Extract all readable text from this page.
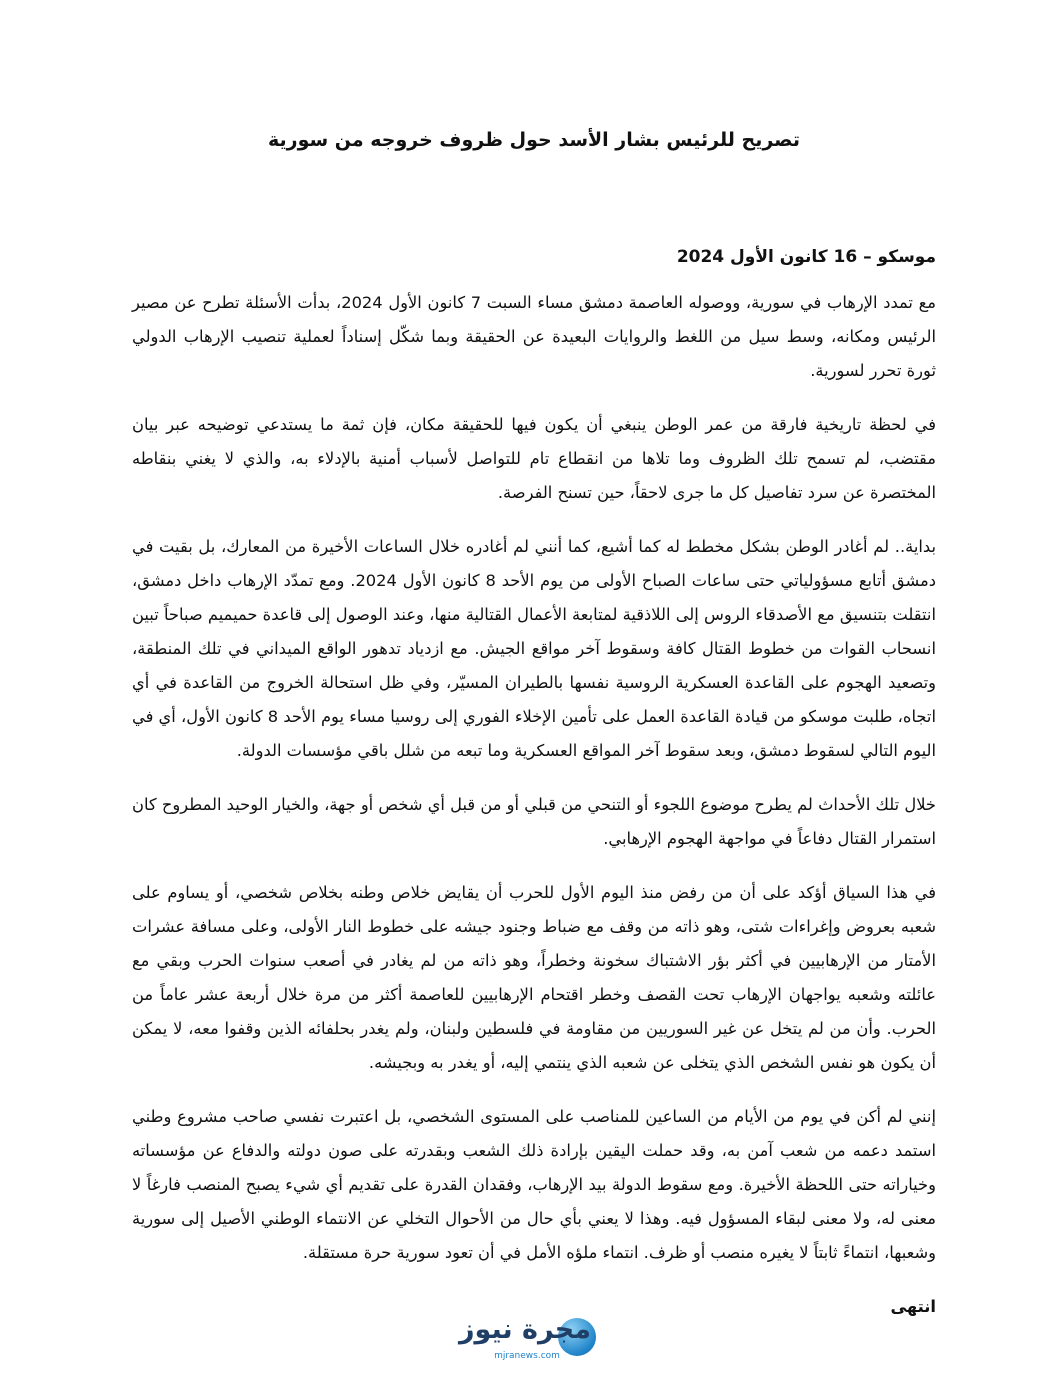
تصريح للرئيس بشار الأسد حول ظروف خروجه من سورية

موسكو – 16 كانون الأول 2024

مع تمدد الإرهاب في سورية، ووصوله العاصمة دمشق مساء السبت 7 كانون الأول 2024، بدأت الأسئلة تطرح عن مصير الرئيس ومكانه، وسط سيل من اللغط والروايات البعيدة عن الحقيقة وبما شكّل إسناداً لعملية تنصيب الإرهاب الدولي ثورة تحرر لسورية.

في لحظة تاريخية فارقة من عمر الوطن ينبغي أن يكون فيها للحقيقة مكان، فإن ثمة ما يستدعي توضيحه عبر بيان مقتضب، لم تسمح تلك الظروف وما تلاها من انقطاع تام للتواصل لأسباب أمنية بالإدلاء به، والذي لا يغني بنقاطه المختصرة عن سرد تفاصيل كل ما جرى لاحقاً، حين تسنح الفرصة.

بداية.. لم أغادر الوطن بشكل مخطط له كما أشيع، كما أنني لم أغادره خلال الساعات الأخيرة من المعارك، بل بقيت في دمشق أتابع مسؤولياتي حتى ساعات الصباح الأولى من يوم الأحد 8 كانون الأول 2024. ومع تمدّد الإرهاب داخل دمشق، انتقلت بتنسيق مع الأصدقاء الروس إلى اللاذقية لمتابعة الأعمال القتالية منها، وعند الوصول إلى قاعدة حميميم صباحاً تبين انسحاب القوات من خطوط القتال كافة وسقوط آخر مواقع الجيش. مع ازدياد تدهور الواقع الميداني في تلك المنطقة، وتصعيد الهجوم على القاعدة العسكرية الروسية نفسها بالطيران المسيّر، وفي ظل استحالة الخروج من القاعدة في أي اتجاه، طلبت موسكو من قيادة القاعدة العمل على تأمين الإخلاء الفوري إلى روسيا مساء يوم الأحد 8 كانون الأول، أي في اليوم التالي لسقوط دمشق، وبعد سقوط آخر المواقع العسكرية وما تبعه من شلل باقي مؤسسات الدولة.

خلال تلك الأحداث لم يطرح موضوع اللجوء أو التنحي من قبلي أو من قبل أي شخص أو جهة، والخيار الوحيد المطروح كان استمرار القتال دفاعاً في مواجهة الهجوم الإرهابي.

في هذا السياق أؤكد على أن من رفض منذ اليوم الأول للحرب أن يقايض خلاص وطنه بخلاص شخصي، أو يساوم على شعبه بعروض وإغراءات شتى، وهو ذاته من وقف مع ضباط وجنود جيشه على خطوط النار الأولى، وعلى مسافة عشرات الأمتار من الإرهابيين في أكثر بؤر الاشتباك سخونة وخطراً، وهو ذاته من لم يغادر في أصعب سنوات الحرب وبقي مع عائلته وشعبه يواجهان الإرهاب تحت القصف وخطر اقتحام الإرهابيين للعاصمة أكثر من مرة خلال أربعة عشر عاماً من الحرب. وأن من لم يتخل عن غير السوريين من مقاومة في فلسطين ولبنان، ولم يغدر بحلفائه الذين وقفوا معه، لا يمكن أن يكون هو نفس الشخص الذي يتخلى عن شعبه الذي ينتمي إليه، أو يغدر به وبجيشه.

إنني لم أكن في يوم من الأيام من الساعين للمناصب على المستوى الشخصي، بل اعتبرت نفسي صاحب مشروع وطني استمد دعمه من شعب آمن به، وقد حملت اليقين بإرادة ذلك الشعب وبقدرته على صون دولته والدفاع عن مؤسساته وخياراته حتى اللحظة الأخيرة. ومع سقوط الدولة بيد الإرهاب، وفقدان القدرة على تقديم أي شيء يصبح المنصب فارغاً لا معنى له، ولا معنى لبقاء المسؤول فيه. وهذا لا يعني بأي حال من الأحوال التخلي عن الانتماء الوطني الأصيل إلى سورية وشعبها، انتماءً ثابتاً لا يغيره منصب أو ظرف. انتماء ملؤه الأمل في أن تعود سورية حرة مستقلة.

انتهى

مجرة نيوز
mjranews.com
